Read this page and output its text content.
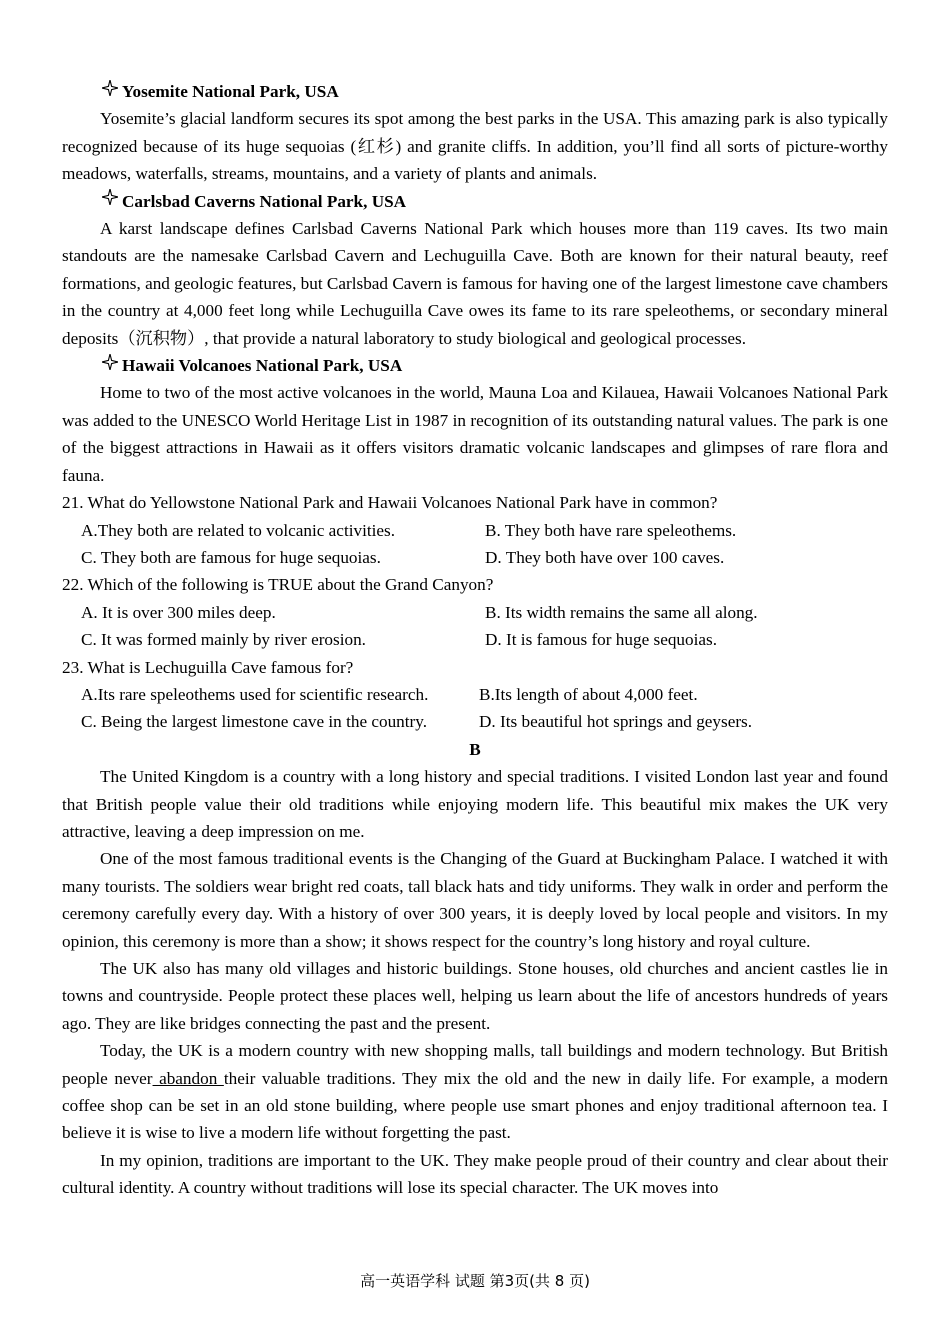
Yosemite National Park, USA

Yosemite’s glacial landform secures its spot among the best parks in the USA. This amazing park is also typically recognized because of its huge sequoias (红杉) and granite cliffs. In addition, you’ll find all sorts of picture-worthy meadows, waterfalls, streams, mountains, and a variety of plants and animals.

Carlsbad Caverns National Park, USA

A karst landscape defines Carlsbad Caverns National Park which houses more than 119 caves. Its two main standouts are the namesake Carlsbad Cavern and Lechuguilla Cave. Both are known for their natural beauty, reef formations, and geologic features, but Carlsbad Cavern is famous for having one of the largest limestone cave chambers in the country at 4,000 feet long while Lechuguilla Cave owes its fame to its rare speleothems, or secondary mineral deposits（沉积物）, that provide a natural laboratory to study biological and geological processes.

Hawaii Volcanoes National Park, USA

Home to two of the most active volcanoes in the world, Mauna Loa and Kilauea, Hawaii Volcanoes National Park was added to the UNESCO World Heritage List in 1987 in recognition of its outstanding natural values. The park is one of the biggest attractions in Hawaii as it offers visitors dramatic volcanic landscapes and glimpses of rare flora and fauna.

21. What do Yellowstone National Park and Hawaii Volcanoes National Park have in common?

A.They both are related to volcanic activities.	B. They both have rare speleothems.
C. They both are famous for huge sequoias.	D. They both have over 100 caves.

22. Which of the following is TRUE about the Grand Canyon?

A. It is over 300 miles deep.	B. Its width remains the same all along.
C. It was formed mainly by river erosion.	D. It is famous for huge sequoias.

23. What is Lechuguilla Cave famous for?

A.Its rare speleothems used for scientific research.	B.Its length of about 4,000 feet.
C. Being the largest limestone cave in the country.	D. Its beautiful hot springs and geysers.

B

The United Kingdom is a country with a long history and special traditions. I visited London last year and found that British people value their old traditions while enjoying modern life. This beautiful mix makes the UK very attractive, leaving a deep impression on me.

One of the most famous traditional events is the Changing of the Guard at Buckingham Palace. I watched it with many tourists. The soldiers wear bright red coats, tall black hats and tidy uniforms. They walk in order and perform the ceremony carefully every day. With a history of over 300 years, it is deeply loved by local people and visitors. In my opinion, this ceremony is more than a show; it shows respect for the country’s long history and royal culture.

The UK also has many old villages and historic buildings. Stone houses, old churches and ancient castles lie in towns and countryside. People protect these places well, helping us learn about the life of ancestors hundreds of years ago. They are like bridges connecting the past and the present.

Today, the UK is a modern country with new shopping malls, tall buildings and modern technology. But British people never abandon their valuable traditions. They mix the old and the new in daily life. For example, a modern coffee shop can be set in an old stone building, where people use smart phones and enjoy traditional afternoon tea. I believe it is wise to live a modern life without forgetting the past.

In my opinion, traditions are important to the UK. They make people proud of their country and clear about their cultural identity. A country without traditions will lose its special character. The UK moves into

高一英语学科 试题 第3页(共 8 页)
